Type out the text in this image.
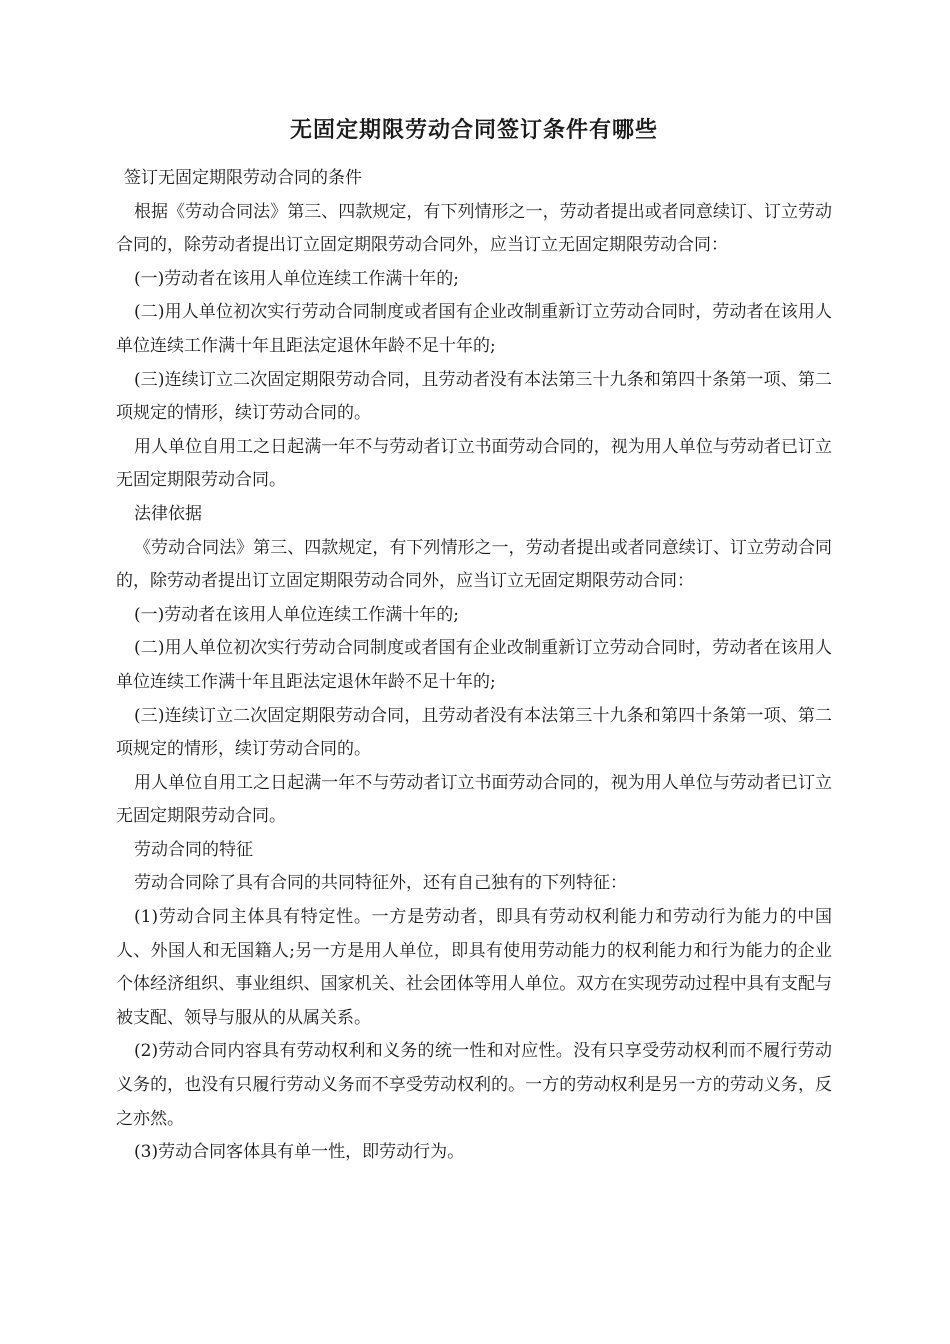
无固定期限劳动合同签订条件有哪些

签订无固定期限劳动合同的条件

根据《劳动合同法》第三、四款规定，有下列情形之一，劳动者提出或者同意续订、订立劳动合同的，除劳动者提出订立固定期限劳动合同外，应当订立无固定期限劳动合同：

(一)劳动者在该用人单位连续工作满十年的;

(二)用人单位初次实行劳动合同制度或者国有企业改制重新订立劳动合同时，劳动者在该用人单位连续工作满十年且距法定退休年龄不足十年的;

(三)连续订立二次固定期限劳动合同，且劳动者没有本法第三十九条和第四十条第一项、第二项规定的情形，续订劳动合同的。

用人单位自用工之日起满一年不与劳动者订立书面劳动合同的，视为用人单位与劳动者已订立无固定期限劳动合同。

法律依据

《劳动合同法》第三、四款规定，有下列情形之一，劳动者提出或者同意续订、订立劳动合同的，除劳动者提出订立固定期限劳动合同外，应当订立无固定期限劳动合同：

(一)劳动者在该用人单位连续工作满十年的;

(二)用人单位初次实行劳动合同制度或者国有企业改制重新订立劳动合同时，劳动者在该用人单位连续工作满十年且距法定退休年龄不足十年的;

(三)连续订立二次固定期限劳动合同，且劳动者没有本法第三十九条和第四十条第一项、第二项规定的情形，续订劳动合同的。

用人单位自用工之日起满一年不与劳动者订立书面劳动合同的，视为用人单位与劳动者已订立无固定期限劳动合同。

劳动合同的特征

劳动合同除了具有合同的共同特征外，还有自己独有的下列特征：

(1)劳动合同主体具有特定性。一方是劳动者，即具有劳动权利能力和劳动行为能力的中国人、外国人和无国籍人;另一方是用人单位，即具有使用劳动能力的权利能力和行为能力的企业个体经济组织、事业组织、国家机关、社会团体等用人单位。双方在实现劳动过程中具有支配与被支配、领导与服从的从属关系。

(2)劳动合同内容具有劳动权利和义务的统一性和对应性。没有只享受劳动权利而不履行劳动义务的，也没有只履行劳动义务而不享受劳动权利的。一方的劳动权利是另一方的劳动义务，反之亦然。

(3)劳动合同客体具有单一性，即劳动行为。
